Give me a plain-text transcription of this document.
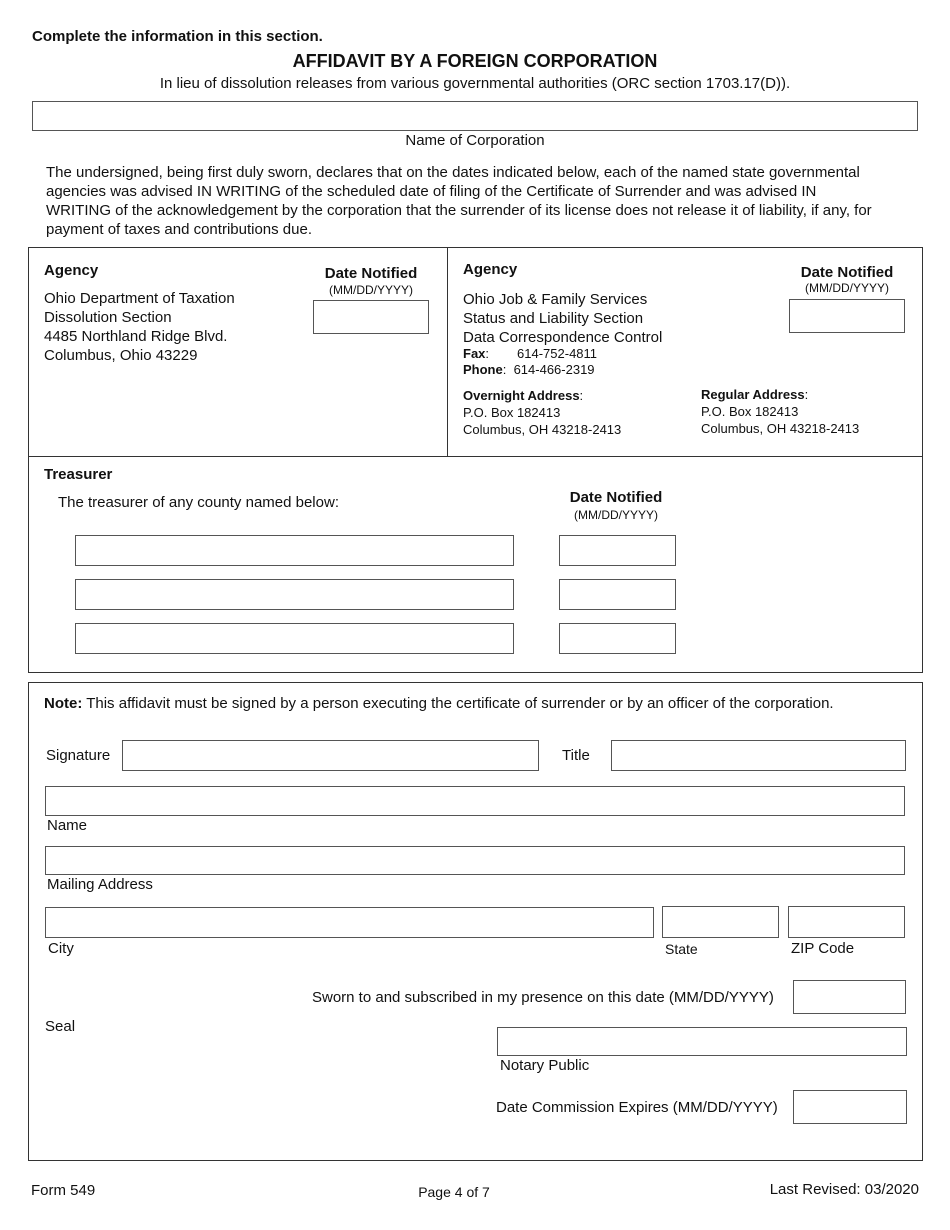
Complete the information in this section.
AFFIDAVIT BY A FOREIGN CORPORATION
In lieu of dissolution releases from various governmental authorities (ORC section 1703.17(D)).
Name of Corporation
The undersigned, being first duly sworn, declares that on the dates indicated below, each of the named state governmental
agencies was advised IN WRITING of the scheduled date of filing of the Certificate of Surrender and was advised IN
WRITING of the acknowledgement by the corporation that the surrender of its license does not release it of liability, if any, for
payment of taxes and contributions due.
Agency	Date Notified
(MM/DD/YYYY)
Ohio Department of Taxation
Dissolution Section
4485 Northland Ridge Blvd.
Columbus, Ohio 43229
Agency	Date Notified
(MM/DD/YYYY)
Ohio Job & Family Services
Status and Liability Section
Data Correspondence Control
Fax: 614-752-4811
Phone:  614-466-2319
Overnight Address:
P.O. Box 182413
Columbus, OH 43218-2413
Regular Address:
P.O. Box 182413
Columbus, OH 43218-2413
Treasurer
The treasurer of any county named below:	Date Notified
(MM/DD/YYYY)
Note: This affidavit must be signed by a person executing the certificate of surrender or by an officer of the corporation.
Signature	Title
Name
Mailing Address
City	State	ZIP Code
Sworn to and subscribed in my presence on this date (MM/DD/YYYY)
Seal
Notary Public
Date Commission Expires (MM/DD/YYYY)
Form 549	Page 4 of 7	Last Revised: 03/2020
